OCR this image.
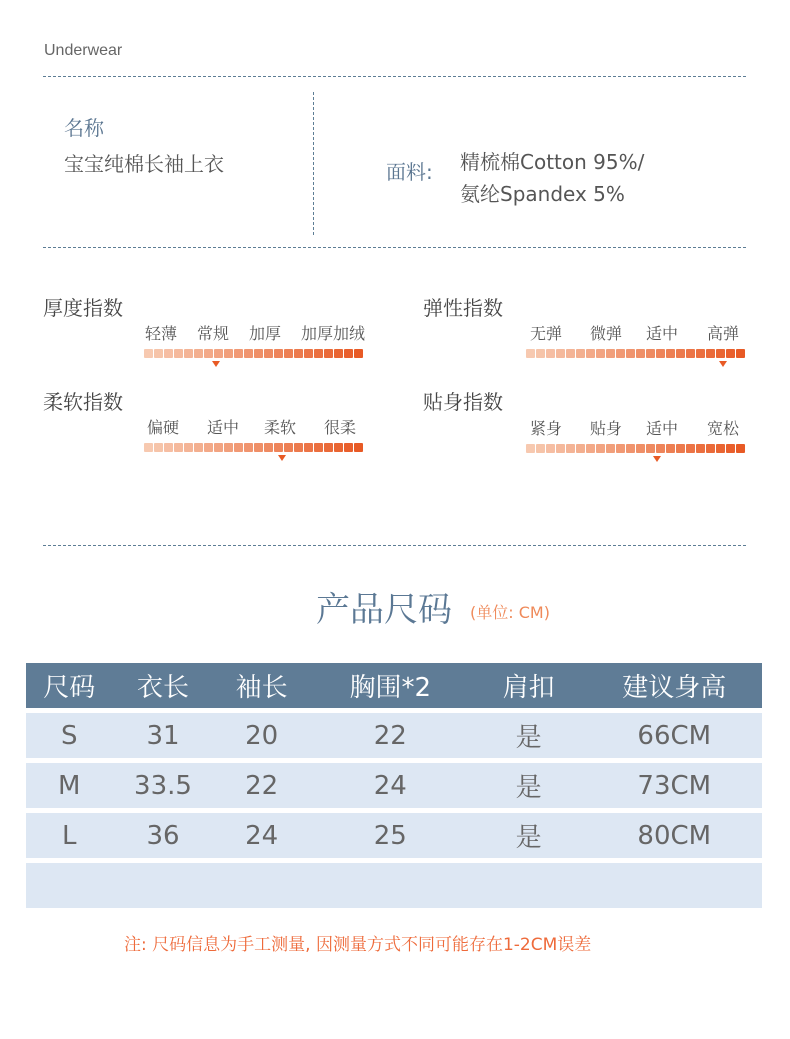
Underwear
名称
宝宝纯棉长袖上衣	面料: 精梳棉Cotton 95%/
氨纶Spandex 5%
厚度指数
轻薄 常规 加厚 加厚加绒
弹性指数
无弹 微弹 适中 高弹
柔软指数
偏硬 适中 柔软 很柔
贴身指数
紧身 贴身 适中 宽松
产品尺码 (单位: CM)
尺码	衣长	袖长	胸围*2	肩扣	建议身高
S	31	20	22	是	66CM
M	33.5	22	24	是	73CM
L	36	24	25	是	80CM

注: 尺码信息为手工测量, 因测量方式不同可能存在1-2CM误差
